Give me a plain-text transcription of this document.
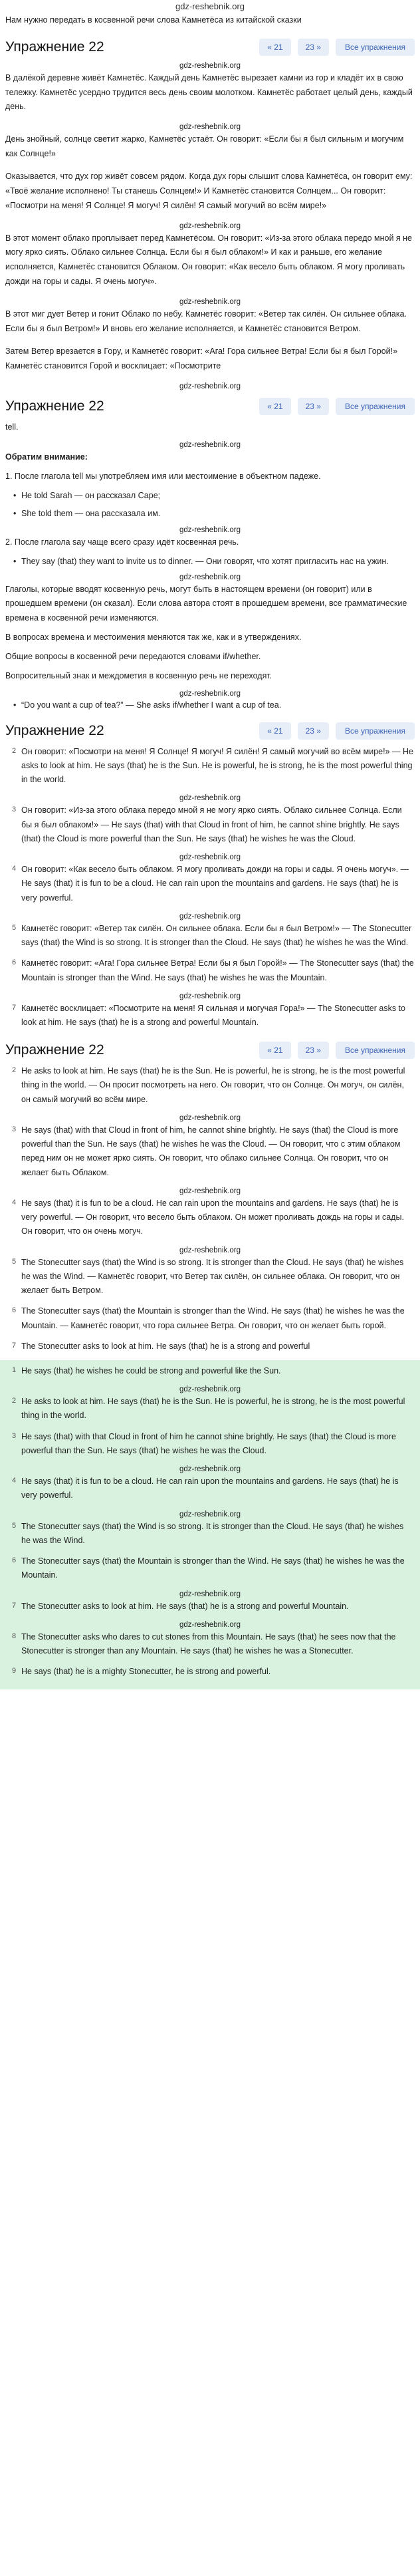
gdz-reshebnik.org
Нам нужно передать в косвенной речи слова Камнетёса из китайской сказки
Упражнение 22	« 21	23 »	Все упражнения
gdz-reshebnik.org

В далёкой деревне живёт Камнетёс. Каждый день Камнетёс вырезает камни из гор и кладёт их в свою тележку. Камнетёс усердно трудится весь день своим молотком. Камнетёс работает целый день, каждый день.

gdz-reshebnik.org

День знойный, солнце светит жарко, Камнетёс устаёт. Он говорит: «Если бы я был сильным и могучим как Солнце!»

Оказывается, что дух гор живёт совсем рядом. Когда дух горы слышит слова Камнетёса, он говорит ему: «Твоё желание исполнено! Ты станешь Солнцем!» И Камнетёс становится Солнцем... Он говорит: «Посмотри на меня! Я Солнце! Я могуч! Я силён! Я самый могучий во всём мире!»

gdz-reshebnik.org

В этот момент облако проплывает перед Камнетёсом. Он говорит: «Из-за этого облака передо мной я не могу ярко сиять. Облако сильнее Солнца. Если бы я был облаком!» И как и раньше, его желание исполняется, Камнетёс становится Облаком. Он говорит: «Как весело быть облаком. Я могу проливать дожди на горы и сады. Я очень могуч».

gdz-reshebnik.org

В этот миг дует Ветер и гонит Облако по небу. Камнетёс говорит: «Ветер так силён. Он сильнее облака. Если бы я был Ветром!» И вновь его желание исполняется, и Камнетёс становится Ветром.

Затем Ветер врезается в Гору, и Камнетёс говорит: «Ага! Гора сильнее Ветра! Если бы я был Горой!» Камнетёс становится Горой и восклицает: «Посмотрите

gdz-reshebnik.org
Упражнение 22	« 21	23 »	Все упражнения

tell.

gdz-reshebnik.org

Обратим внимание:

1. После глагола tell мы употребляем имя или местоимение в объектном падеже.

• He told Sarah — он рассказал Саре;
• She told them — она рассказала им.
gdz-reshebnik.org

2. После глагола say чаще всего сразу идёт косвенная речь.

• They say (that) they want to invite us to dinner. — Они говорят, что хотят пригласить нас на ужин.
gdz-reshebnik.org

Глаголы, которые вводят косвенную речь, могут быть в настоящем времени (он говорит) или в прошедшем времени (он сказал). Если слова автора стоят в прошедшем времени, все грамматические времена в косвенной речи изменяются.

В вопросах времена и местоимения меняются так же, как и в утверждениях.

Общие вопросы в косвенной речи передаются словами if/whether.

Вопросительный знак и междометия в косвенную речь не переходят.

gdz-reshebnik.org
• “Do you want a cup of tea?” — She asks if/whether I want a cup of tea.
Упражнение 22	« 21	23 »	Все упражнения
2 Он говорит: «Посмотри на меня! Я Солнце! Я могуч! Я силён! Я самый могучий во всём мире!» — He asks to look at him. He says (that) he is the Sun. He is powerful, he is strong, he is the most powerful thing in the world.
gdz-reshebnik.org
3 Он говорит: «Из-за этого облака передо мной я не могу ярко сиять. Облако сильнее Солнца. Если бы я был облаком!» — He says (that) with that Cloud in front of him, he cannot shine brightly. He says (that) the Cloud is more powerful than the Sun. He says (that) he wishes he was the Cloud.
gdz-reshebnik.org
4 Он говорит: «Как весело быть облаком. Я могу проливать дожди на горы и сады. Я очень могуч». — He says (that) it is fun to be a cloud. He can rain upon the mountains and gardens. He says (that) he is very powerful.
gdz-reshebnik.org
5 Камнетёс говорит: «Ветер так силён. Он сильнее облака. Если бы я был Ветром!» — The Stonecutter says (that) the Wind is so strong. It is stronger than the Cloud. He says (that) he wishes he was the Wind.
6 Камнетёс говорит: «Ага! Гора сильнее Ветра! Если бы я был Горой!» — The Stonecutter says (that) the Mountain is stronger than the Wind. He says (that) he wishes he was the Mountain.
gdz-reshebnik.org
7 Камнетёс восклицает: «Посмотрите на меня! Я сильная и могучая Гора!» — The Stonecutter asks to look at him. He says (that) he is a strong and powerful Mountain.
Упражнение 22	« 21	23 »	Все упражнения
2 He asks to look at him. He says (that) he is the Sun. He is powerful, he is strong, he is the most powerful thing in the world. — Он просит посмотреть на него. Он говорит, что он Солнце. Он могуч, он силён, он самый могучий во всём мире.
gdz-reshebnik.org
3 He says (that) with that Cloud in front of him, he cannot shine brightly. He says (that) the Cloud is more powerful than the Sun. He says (that) he wishes he was the Cloud. — Он говорит, что с этим облаком перед ним он не может ярко сиять. Он говорит, что облако сильнее Солнца. Он говорит, что он желает быть Облаком.
gdz-reshebnik.org
4 He says (that) it is fun to be a cloud. He can rain upon the mountains and gardens. He says (that) he is very powerful. — Он говорит, что весело быть облаком. Он может проливать дождь на горы и сады. Он говорит, что он очень могуч.
gdz-reshebnik.org
5 The Stonecutter says (that) the Wind is so strong. It is stronger than the Cloud. He says (that) he wishes he was the Wind. — Камнетёс говорит, что Ветер так силён, он сильнее облака. Он говорит, что он желает быть Ветром.
6 The Stonecutter says (that) the Mountain is stronger than the Wind. He says (that) he wishes he was the Mountain. — Камнетёс говорит, что гора сильнее Ветра. Он говорит, что он желает быть горой.
7 The Stonecutter asks to look at him. He says (that) he is a strong and powerful
1 He says (that) he wishes he could be strong and powerful like the Sun.
gdz-reshebnik.org
2 He asks to look at him. He says (that) he is the Sun. He is powerful, he is strong, he is the most powerful thing in the world.
3 He says (that) with that Cloud in front of him he cannot shine brightly. He says (that) the Cloud is more powerful than the Sun. He says (that) he wishes he was the Cloud.
gdz-reshebnik.org
4 He says (that) it is fun to be a cloud. He can rain upon the mountains and gardens. He says (that) he is very powerful.
gdz-reshebnik.org
5 The Stonecutter says (that) the Wind is so strong. It is stronger than the Cloud. He says (that) he wishes he was the Wind.
6 The Stonecutter says (that) the Mountain is stronger than the Wind. He says (that) he wishes he was the Mountain.
gdz-reshebnik.org
7 The Stonecutter asks to look at him. He says (that) he is a strong and powerful Mountain.
gdz-reshebnik.org
8 The Stonecutter asks who dares to cut stones from this Mountain. He says (that) he sees now that the Stonecutter is stronger than any Mountain. He says (that) he wishes he was a Stonecutter.
9 He says (that) he is a mighty Stonecutter, he is strong and powerful.
